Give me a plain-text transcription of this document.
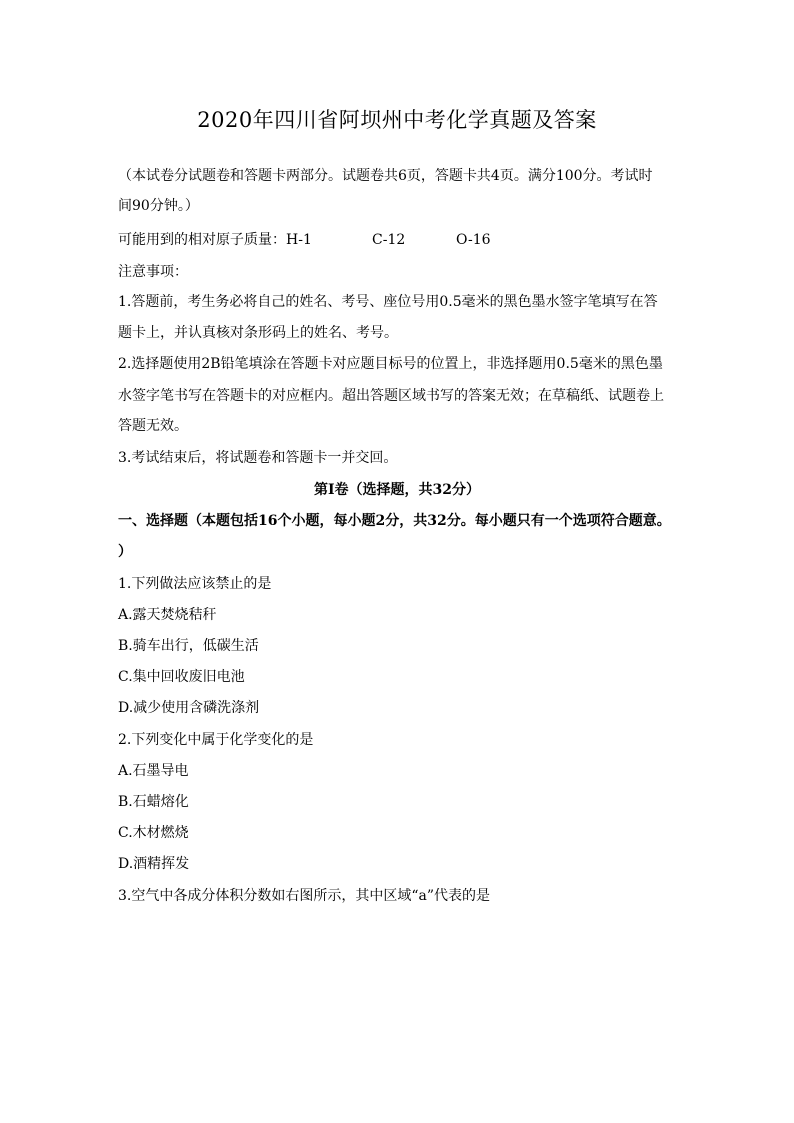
2020年四川省阿坝州中考化学真题及答案
（本试卷分试题卷和答题卡两部分。试题卷共6页，答题卡共4页。满分100分。考试时
间90分钟。）
可能用到的相对原子质量：H-1	C-12	O-16
注意事项：
1.答题前，考生务必将自己的姓名、考号、座位号用0.5毫米的黑色墨水签字笔填写在答
题卡上，并认真核对条形码上的姓名、考号。
2.选择题使用2B铅笔填涂在答题卡对应题目标号的位置上，非选择题用0.5毫米的黑色墨
水签字笔书写在答题卡的对应框内。超出答题区域书写的答案无效；在草稿纸、试题卷上
答题无效。
3.考试结束后，将试题卷和答题卡一并交回。
第Ⅰ卷（选择题，共32分）
一、选择题（本题包括16个小题，每小题2分，共32分。每小题只有一个选项符合题意。
）
1.下列做法应该禁止的是
A.露天焚烧秸秆
B.骑车出行，低碳生活
C.集中回收废旧电池
D.减少使用含磷洗涤剂
2.下列变化中属于化学变化的是
A.石墨导电
B.石蜡熔化
C.木材燃烧
D.酒精挥发
3.空气中各成分体积分数如右图所示，其中区域“a”代表的是
